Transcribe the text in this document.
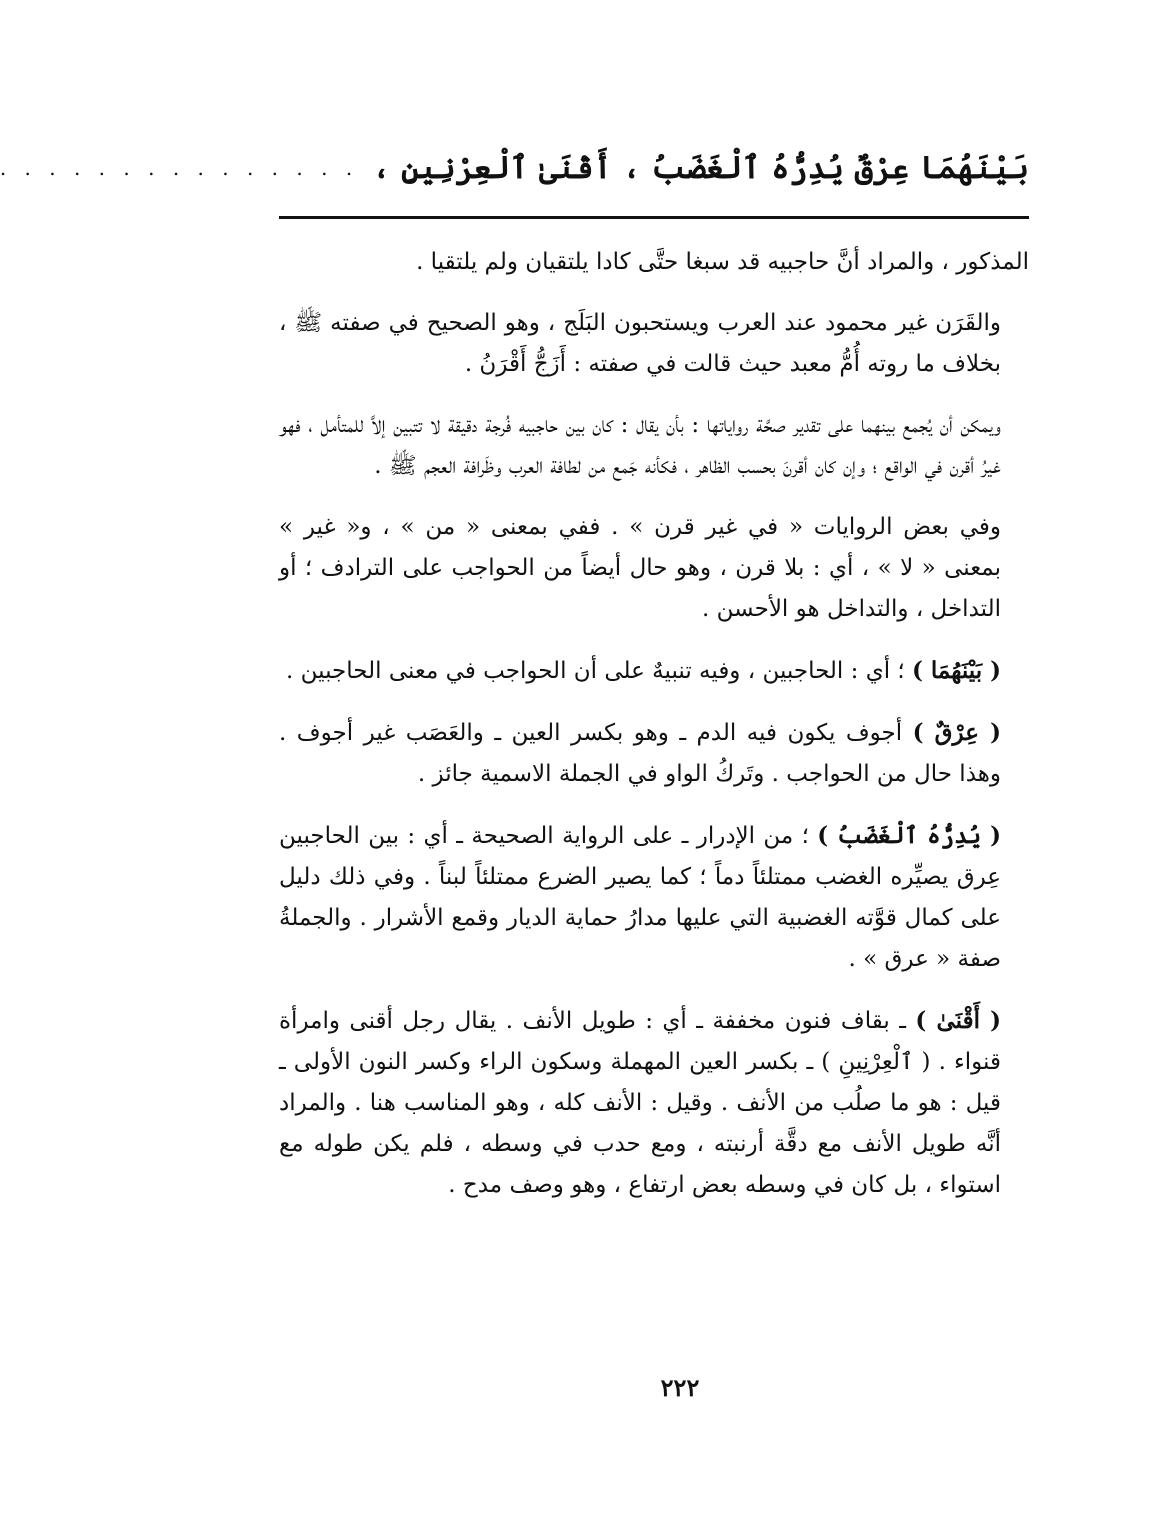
بَيْنَهُمَا عِرْقٌ يُدِرُّهُ ٱلْغَضَبُ ، أَقْنَىٰ ٱلْعِرْنِينِ ،
. . . . . . . . . . . . . . .

المذكور ، والمراد أنَّ حاجبيه قد سبغا حتَّى كادا يلتقيان ولم يلتقيا .

والقَرَن غير محمود عند العرب ويستحبون البَلَج ، وهو الصحيح في صفته ﷺ ، بخلاف ما روته أُمُّ معبد حيث قالت في صفته : أَزَجُّ أَقْرَنُ .

ويمكن أن يُجمع بينهما على تقدير صحَّة رواياتها : بأن يقال : كان بين حاجبيه فُرجة دقيقة لا تتبين إلاَّ للمتأمل ، فهو غيرُ أقرن في الواقع ؛ وإن كان أقرنَ بحسب الظاهر ، فكأنه جَمع من لطافة العرب وظَرافة العجم ﷺ .

وفي بعض الروايات « في غير قرن » . ففي بمعنى « من » ، و« غير » بمعنى « لا » ، أي : بلا قرن ، وهو حال أيضاً من الحواجب على الترادف ؛ أو التداخل ، والتداخل هو الأحسن .

( بَيْنَهُمَا ) ؛ أي : الحاجبين ، وفيه تنبيهٌ على أن الحواجب في معنى الحاجبين .

( عِرْقٌ ) أجوف يكون فيه الدم ـ وهو بكسر العين ـ والعَصَب غير أجوف . وهذا حال من الحواجب . وتَركُ الواو في الجملة الاسمية جائز .

( يُدِرُّهُ ٱلْغَضَبُ ) ؛ من الإدرار ـ على الرواية الصحيحة ـ أي : بين الحاجبين عِرق يصيِّره الغضب ممتلئاً دماً ؛ كما يصير الضرع ممتلئاً لبناً . وفي ذلك دليل على كمال قوَّته الغضبية التي عليها مدارُ حماية الديار وقمع الأشرار . والجملةُ صفة « عرق » .

( أَقْنَىٰ ) ـ بقاف فنون مخففة ـ أي : طويل الأنف . يقال رجل أقنى وامرأة قنواء . ( ٱلْعِرْنِينِ ) ـ بكسر العين المهملة وسكون الراء وكسر النون الأولى ـ قيل : هو ما صلُب من الأنف . وقيل : الأنف كله ، وهو المناسب هنا . والمراد أنَّه طويل الأنف مع دقَّة أرنبته ، ومع حدب في وسطه ، فلم يكن طوله مع استواء ، بل كان في وسطه بعض ارتفاع ، وهو وصف مدح .

٢٢٢
